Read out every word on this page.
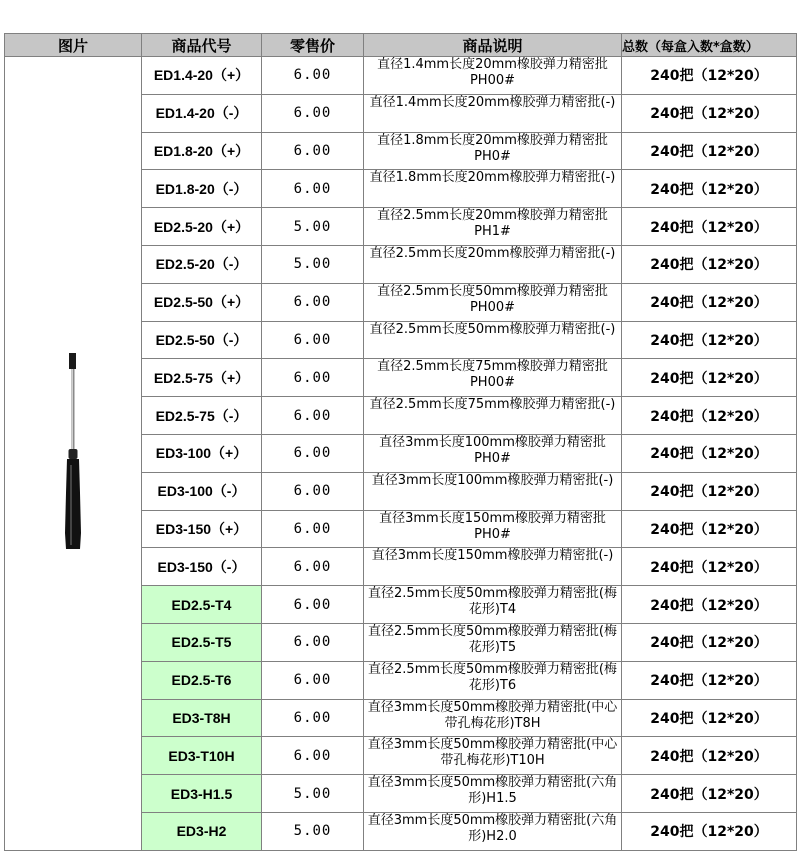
图片	商品代号	零售价	商品说明	总数（每盒入数*盒数）

	ED1.4-20（+）	6.00	直径1.4mm长度20mm橡胶弹力精密批PH00#	240把（12*20）
	ED1.4-20（-）	6.00	直径1.4mm长度20mm橡胶弹力精密批(-)	240把（12*20）
	ED1.8-20（+）	6.00	直径1.8mm长度20mm橡胶弹力精密批PH0#	240把（12*20）
	ED1.8-20（-）	6.00	直径1.8mm长度20mm橡胶弹力精密批(-)	240把（12*20）
	ED2.5-20（+）	5.00	直径2.5mm长度20mm橡胶弹力精密批PH1#	240把（12*20）
	ED2.5-20（-）	5.00	直径2.5mm长度20mm橡胶弹力精密批(-)	240把（12*20）
	ED2.5-50（+）	6.00	直径2.5mm长度50mm橡胶弹力精密批PH00#	240把（12*20）
	ED2.5-50（-）	6.00	直径2.5mm长度50mm橡胶弹力精密批(-)	240把（12*20）
	ED2.5-75（+）	6.00	直径2.5mm长度75mm橡胶弹力精密批PH00#	240把（12*20）
	ED2.5-75（-）	6.00	直径2.5mm长度75mm橡胶弹力精密批(-)	240把（12*20）
	ED3-100（+）	6.00	直径3mm长度100mm橡胶弹力精密批PH0#	240把（12*20）
	ED3-100（-）	6.00	直径3mm长度100mm橡胶弹力精密批(-)	240把（12*20）
	ED3-150（+）	6.00	直径3mm长度150mm橡胶弹力精密批PH0#	240把（12*20）
	ED3-150（-）	6.00	直径3mm长度150mm橡胶弹力精密批(-)	240把（12*20）
	ED2.5-T4	6.00	直径2.5mm长度50mm橡胶弹力精密批(梅花形)T4	240把（12*20）
	ED2.5-T5	6.00	直径2.5mm长度50mm橡胶弹力精密批(梅花形)T5	240把（12*20）
	ED2.5-T6	6.00	直径2.5mm长度50mm橡胶弹力精密批(梅花形)T6	240把（12*20）
	ED3-T8H	6.00	直径3mm长度50mm橡胶弹力精密批(中心带孔梅花形)T8H	240把（12*20）
	ED3-T10H	6.00	直径3mm长度50mm橡胶弹力精密批(中心带孔梅花形)T10H	240把（12*20）
	ED3-H1.5	5.00	直径3mm长度50mm橡胶弹力精密批(六角形)H1.5	240把（12*20）
	ED3-H2	5.00	直径3mm长度50mm橡胶弹力精密批(六角形)H2.0	240把（12*20）
